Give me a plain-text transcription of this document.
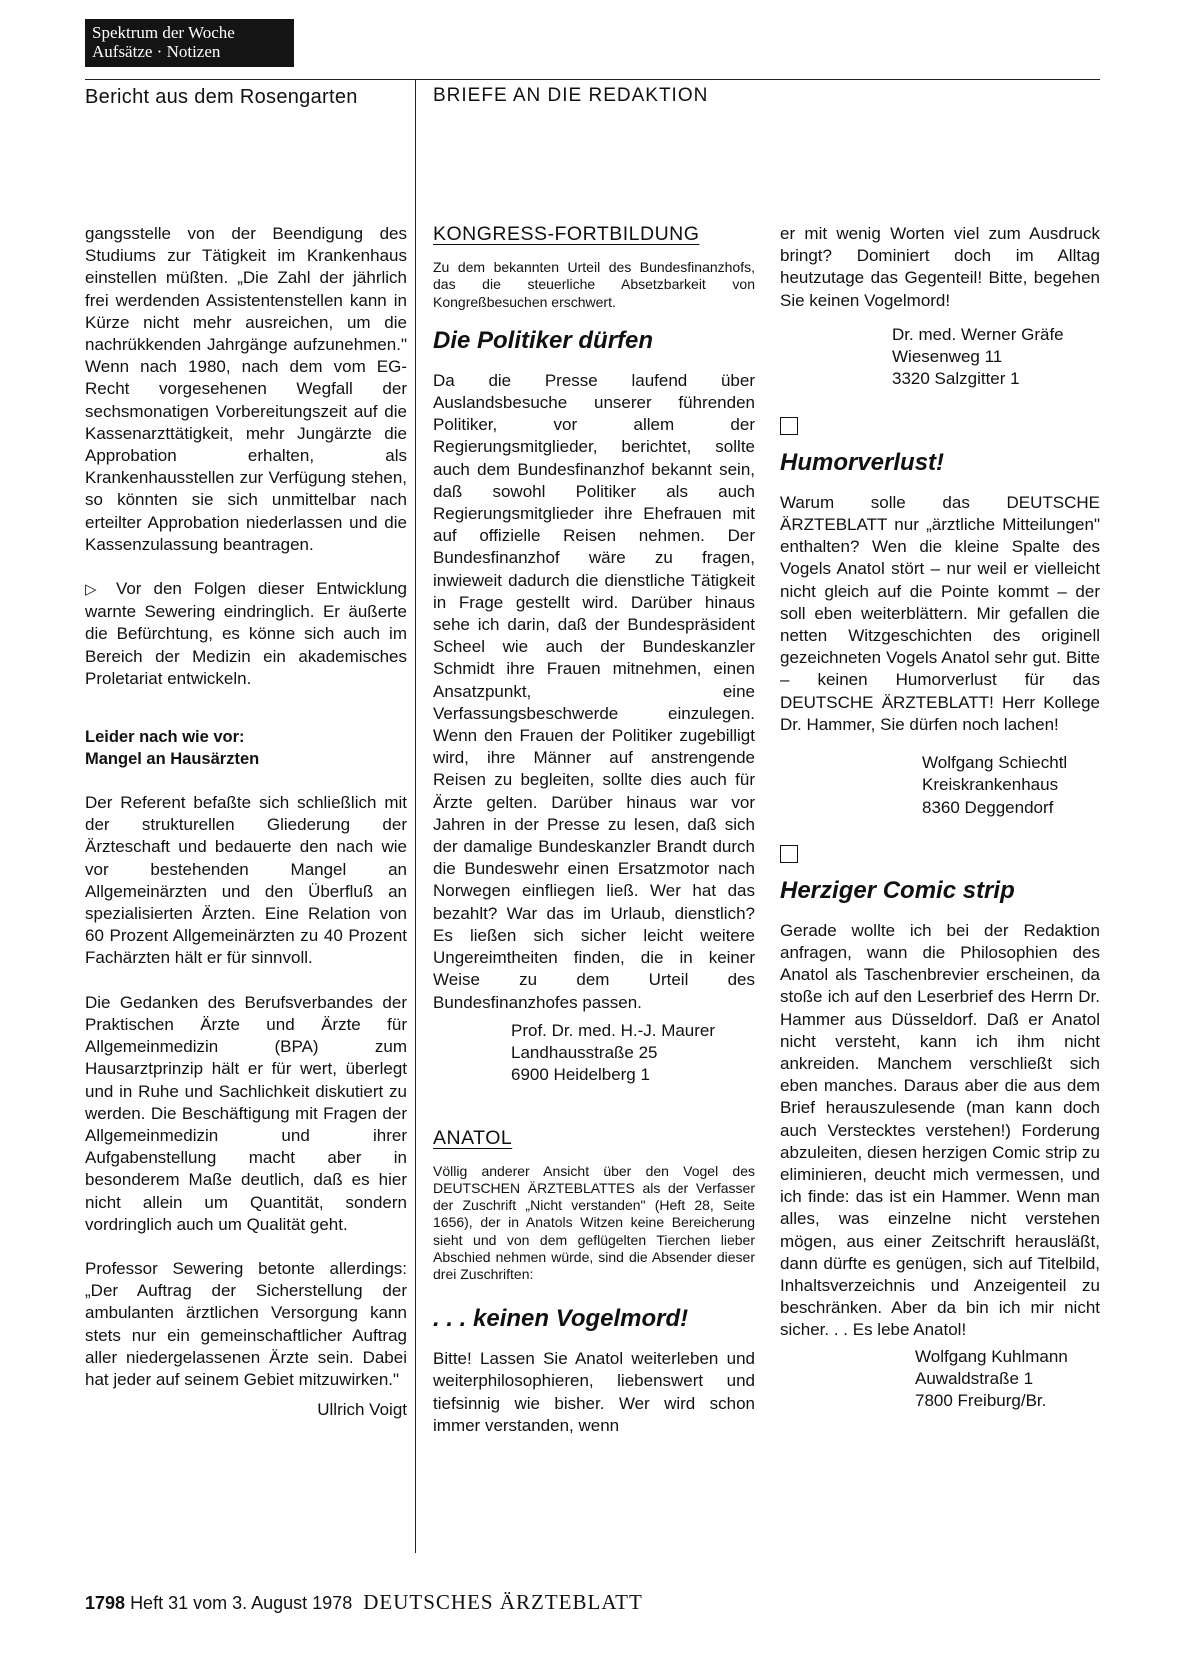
Spektrum der Woche
Aufsätze · Notizen
Bericht aus dem Rosengarten	BRIEFE AN DIE REDAKTION

gangsstelle von der Beendigung des Studiums zur Tätigkeit im Krankenhaus einstellen müßten. „Die Zahl der jährlich frei werdenden Assistentenstellen kann in Kürze nicht mehr ausreichen, um die nachrükkenden Jahrgänge aufzunehmen." Wenn nach 1980, nach dem vom EG-Recht vorgesehenen Wegfall der sechsmonatigen Vorbereitungszeit auf die Kassenarzttätigkeit, mehr Jungärzte die Approbation erhalten, als Krankenhausstellen zur Verfügung stehen, so könnten sie sich unmittelbar nach erteilter Approbation niederlassen und die Kassenzulassung beantragen.

▷ Vor den Folgen dieser Entwicklung warnte Sewering eindringlich. Er äußerte die Befürchtung, es könne sich auch im Bereich der Medizin ein akademisches Proletariat entwickeln.

Leider nach wie vor:
Mangel an Hausärzten

Der Referent befaßte sich schließlich mit der strukturellen Gliederung der Ärzteschaft und bedauerte den nach wie vor bestehenden Mangel an Allgemeinärzten und den Überfluß an spezialisierten Ärzten. Eine Relation von 60 Prozent Allgemeinärzten zu 40 Prozent Fachärzten hält er für sinnvoll.

Die Gedanken des Berufsverbandes der Praktischen Ärzte und Ärzte für Allgemeinmedizin (BPA) zum Hausarztprinzip hält er für wert, überlegt und in Ruhe und Sachlichkeit diskutiert zu werden. Die Beschäftigung mit Fragen der Allgemeinmedizin und ihrer Aufgabenstellung macht aber in besonderem Maße deutlich, daß es hier nicht allein um Quantität, sondern vordringlich auch um Qualität geht.

Professor Sewering betonte allerdings: „Der Auftrag der Sicherstellung der ambulanten ärztlichen Versorgung kann stets nur ein gemeinschaftlicher Auftrag aller niedergelassenen Ärzte sein. Dabei hat jeder auf seinem Gebiet mitzuwirken."

Ullrich Voigt
KONGRESS-FORTBILDUNG
Zu dem bekannten Urteil des Bundesfinanzhofs, das die steuerliche Absetzbarkeit von Kongreßbesuchen erschwert.
Die Politiker dürfen

Da die Presse laufend über Auslandsbesuche unserer führenden Politiker, vor allem der Regierungsmitglieder, berichtet, sollte auch dem Bundesfinanzhof bekannt sein, daß sowohl Politiker als auch Regierungsmitglieder ihre Ehefrauen mit auf offizielle Reisen nehmen. Der Bundesfinanzhof wäre zu fragen, inwieweit dadurch die dienstliche Tätigkeit in Frage gestellt wird. Darüber hinaus sehe ich darin, daß der Bundespräsident Scheel wie auch der Bundeskanzler Schmidt ihre Frauen mitnehmen, einen Ansatzpunkt, eine Verfassungsbeschwerde einzulegen. Wenn den Frauen der Politiker zugebilligt wird, ihre Männer auf anstrengende Reisen zu begleiten, sollte dies auch für Ärzte gelten. Darüber hinaus war vor Jahren in der Presse zu lesen, daß sich der damalige Bundeskanzler Brandt durch die Bundeswehr einen Ersatzmotor nach Norwegen einfliegen ließ. Wer hat das bezahlt? War das im Urlaub, dienstlich? Es ließen sich sicher leicht weitere Ungereimtheiten finden, die in keiner Weise zu dem Urteil des Bundesfinanzhofes passen.

Prof. Dr. med. H.-J. Maurer
Landhausstraße 25
6900 Heidelberg 1
ANATOL
Völlig anderer Ansicht über den Vogel des DEUTSCHEN ÄRZTEBLATTES als der Verfasser der Zuschrift „Nicht verstanden" (Heft 28, Seite 1656), der in Anatols Witzen keine Bereicherung sieht und von dem geflügelten Tierchen lieber Abschied nehmen würde, sind die Absender dieser drei Zuschriften:
. . . keinen Vogelmord!

Bitte! Lassen Sie Anatol weiterleben und weiterphilosophieren, liebenswert und tiefsinnig wie bisher. Wer wird schon immer verstanden, wenn

er mit wenig Worten viel zum Ausdruck bringt? Dominiert doch im Alltag heutzutage das Gegenteil! Bitte, begehen Sie keinen Vogelmord!

Dr. med. Werner Gräfe
Wiesenweg 11
3320 Salzgitter 1
Humorverlust!

Warum solle das DEUTSCHE ÄRZTEBLATT nur „ärztliche Mitteilungen" enthalten? Wen die kleine Spalte des Vogels Anatol stört – nur weil er vielleicht nicht gleich auf die Pointe kommt – der soll eben weiterblättern. Mir gefallen die netten Witzgeschichten des originell gezeichneten Vogels Anatol sehr gut. Bitte – keinen Humorverlust für das DEUTSCHE ÄRZTEBLATT! Herr Kollege Dr. Hammer, Sie dürfen noch lachen!

Wolfgang Schiechtl
Kreiskrankenhaus
8360 Deggendorf
Herziger Comic strip

Gerade wollte ich bei der Redaktion anfragen, wann die Philosophien des Anatol als Taschenbrevier erscheinen, da stoße ich auf den Leserbrief des Herrn Dr. Hammer aus Düsseldorf. Daß er Anatol nicht versteht, kann ich ihm nicht ankreiden. Manchem verschließt sich eben manches. Daraus aber die aus dem Brief herauszulesende (man kann doch auch Verstecktes verstehen!) Forderung abzuleiten, diesen herzigen Comic strip zu eliminieren, deucht mich vermessen, und ich finde: das ist ein Hammer. Wenn man alles, was einzelne nicht verstehen mögen, aus einer Zeitschrift herausläßt, dann dürfte es genügen, sich auf Titelbild, Inhaltsverzeichnis und Anzeigenteil zu beschränken. Aber da bin ich mir nicht sicher. . . Es lebe Anatol!

Wolfgang Kuhlmann
Auwaldstraße 1
7800 Freiburg/Br.
1798 Heft 31 vom 3. August 1978 DEUTSCHES ÄRZTEBLATT
